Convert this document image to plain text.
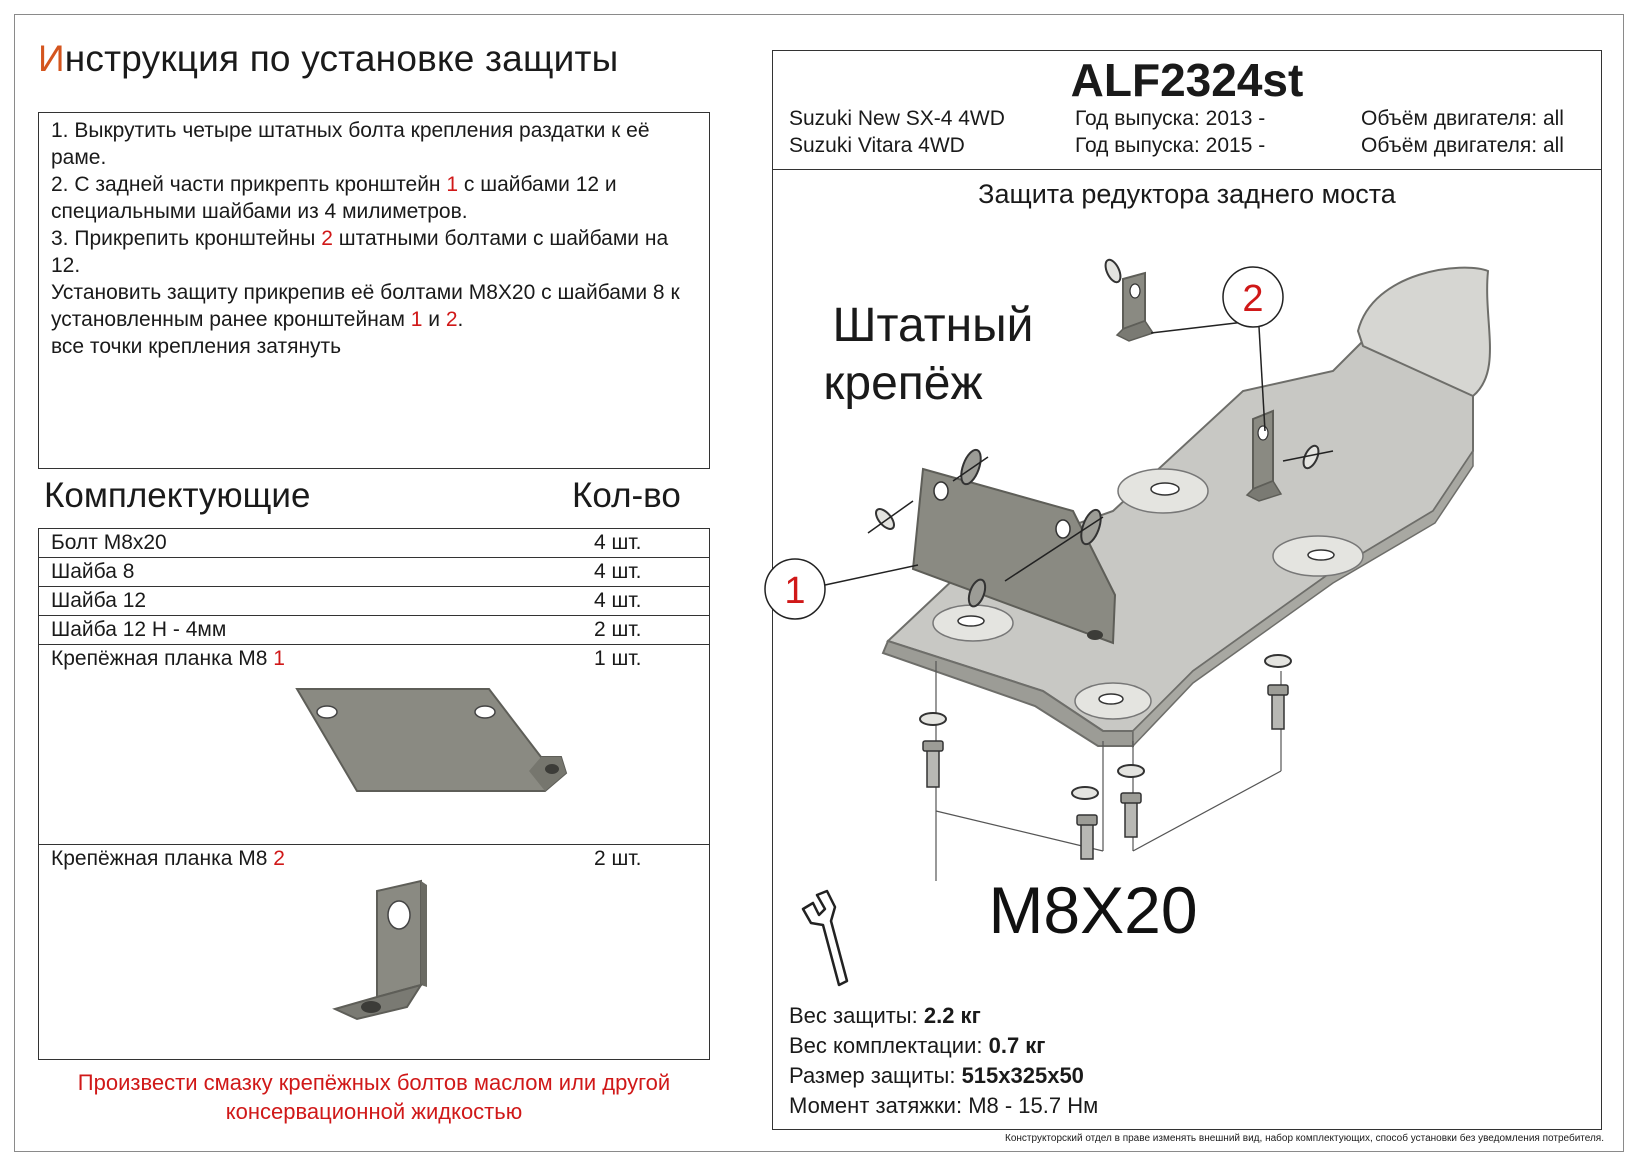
Инструкция по установке защиты

1. Выкрутить четыре штатных болта крепления раздатки к её раме.

2. С задней части прикрепть кронштейн 1 с шайбами 12 и специальными шайбами из 4 милиметров.

3. Прикрепить кронштейны 2 штатными болтами с шайбами на 12.

Установить защиту прикрепив её болтами M8X20 с шайбами 8 к установленным ранее кронштейнам 1 и 2.

все точки крепления затянуть

Комплектующие	Кол-во
Болт M8x20	4 шт.
Шайба 8	4 шт.
Шайба 12	4 шт.
Шайба 12 H - 4мм	2 шт.
Крепёжная планка M8 1	1 шт.
Крепёжная планка M8 2	2 шт.
Произвести смазку крепёжных болтов маслом или другой консервационной жидкостью
ALF2324st
Suzuki New SX-4 4WD	Год выпуска: 2013 -	Объём двигателя: all
Suzuki Vitara 4WD	Год выпуска: 2015 -	Объём двигателя: all
Защита редуктора заднего моста
1
2
Штатный
крепёж
M8X20
Вес защиты: 2.2 кг
Вес комплектации: 0.7 кг
Размер защиты: 515x325x50
Момент затяжки: M8 - 15.7 Нм
Конструкторский отдел в праве изменять внешний вид, набор комплектующих, способ установки без уведомления потребителя.
